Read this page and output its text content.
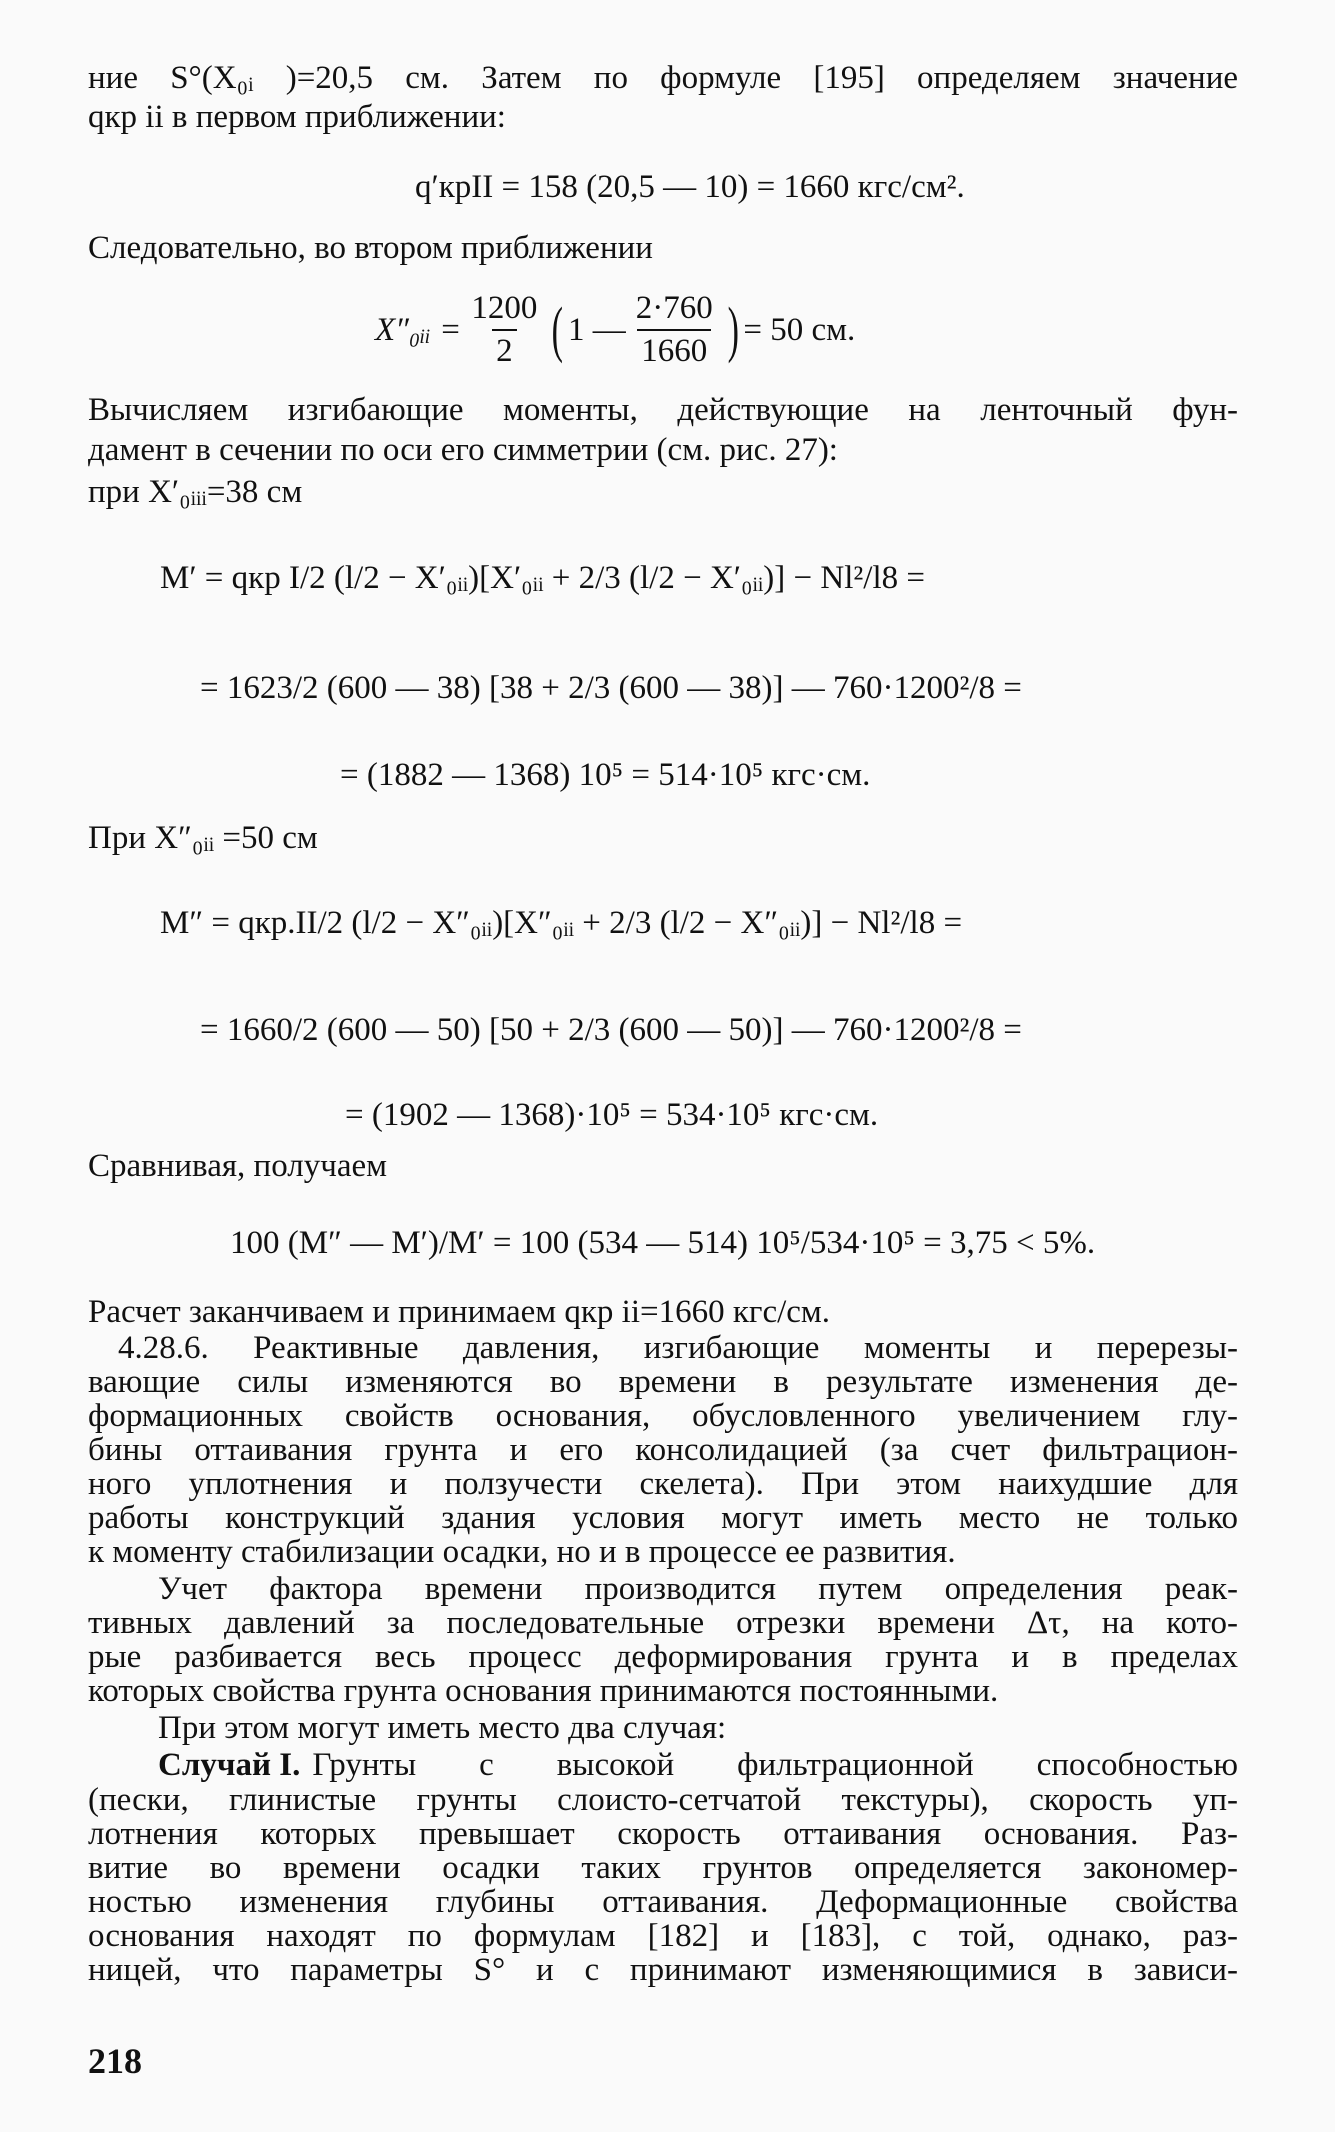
ние S°(X₀ᵢ )=20,5 см. Затем по формуле [195] определяем значение
qкр ii в первом приближении:
q′крII = 158 (20,5 — 10) = 1660 кгс/см².
Следовательно, во втором приближении
X″₀ᵢᵢ = $\frac{1200}{2}$ ( 1 — $\frac{2\cdot 760}{1660}$ ) = 50 см.
Вычисляем изгибающие моменты, действующие на ленточный фун-
дамент в сечении по оси его симметрии (см. рис. 27):
при X′₀ᵢᵢᵢ=38 см
M′ = qкр I/2 (l/2 − X′₀ᵢᵢ)[X′₀ᵢᵢ + 2/3 (l/2 − X′₀ᵢᵢ)] − Nl²/l8 =
= 1623/2 (600 — 38) [38 + 2/3 (600 — 38)] — 760·1200²/8 =
= (1882 — 1368) 10⁵ = 514·10⁵ кгс·см.
При X″₀ᵢᵢ =50 см
M″ = qкр.II/2 (l/2 − X″₀ᵢᵢ)[X″₀ᵢᵢ + 2/3 (l/2 − X″₀ᵢᵢ)] − Nl²/l8 =
= 1660/2 (600 — 50) [50 + 2/3 (600 — 50)] — 760·1200²/8 =
= (1902 — 1368)·10⁵ = 534·10⁵ кгс·см.
Сравнивая, получаем
100 (M″ — M′)/M′ = 100 (534 — 514) 10⁵/534·10⁵ = 3,75 < 5%.
Расчет заканчиваем и принимаем qкр ii=1660 кгс/см.
4.28.6. Реактивные давления, изгибающие моменты и перерезы-
вающие силы изменяются во времени в результате изменения де-
формационных свойств основания, обусловленного увеличением глу-
бины оттаивания грунта и его консолидацией (за счет фильтрацион-
ного уплотнения и ползучести скелета). При этом наихудшие для
работы конструкций здания условия могут иметь место не только
к моменту стабилизации осадки, но и в процессе ее развития.
Учет фактора времени производится путем определения реак-
тивных давлений за последовательные отрезки времени Δτ, на кото-
рые разбивается весь процесс деформирования грунта и в пределах
которых свойства грунта основания принимаются постоянными.
При этом могут иметь место два случая:
Случай I. Грунты с высокой фильтрационной способностью
(пески, глинистые грунты слоисто-сетчатой текстуры), скорость уп-
лотнения которых превышает скорость оттаивания основания. Раз-
витие во времени осадки таких грунтов определяется закономер-
ностью изменения глубины оттаивания. Деформационные свойства
основания находят по формулам [182] и [183], с той, однако, раз-
ницей, что параметры S° и c принимают изменяющимися в зависи-
218
